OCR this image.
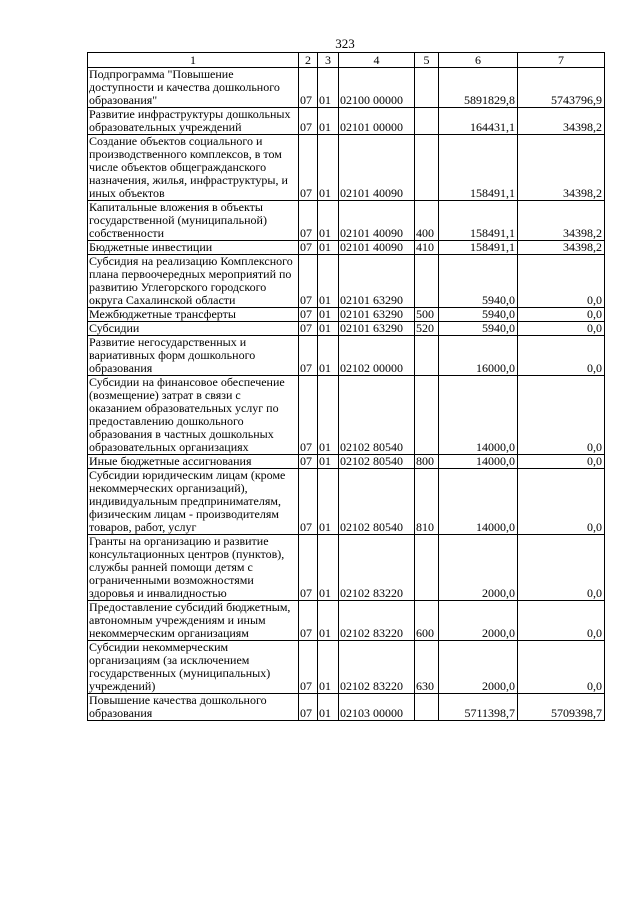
323
1	2	3	4	5	6	7
Подпрограмма "Повышение доступности и качества дошкольного образования"	07	01	02100 00000		5891829,8	5743796,9
Развитие инфраструктуры дошкольных образовательных учреждений	07	01	02101 00000		164431,1	34398,2
Создание объектов социального и производственного комплексов, в том числе объектов общегражданского назначения, жилья, инфраструктуры, и иных объектов	07	01	02101 40090		158491,1	34398,2
Капитальные вложения в объекты государственной (муниципальной) собственности	07	01	02101 40090	400	158491,1	34398,2
Бюджетные инвестиции	07	01	02101 40090	410	158491,1	34398,2
Субсидия на реализацию Комплексного плана первоочередных мероприятий по развитию Углегорского городского округа Сахалинской области	07	01	02101 63290		5940,0	0,0
Межбюджетные трансферты	07	01	02101 63290	500	5940,0	0,0
Субсидии	07	01	02101 63290	520	5940,0	0,0
Развитие негосударственных и вариативных форм дошкольного образования	07	01	02102 00000		16000,0	0,0
Субсидии на финансовое обеспечение (возмещение) затрат в связи с оказанием образовательных услуг по предоставлению дошкольного образования в частных дошкольных образовательных организациях	07	01	02102 80540		14000,0	0,0
Иные бюджетные ассигнования	07	01	02102 80540	800	14000,0	0,0
Субсидии юридическим лицам (кроме некоммерческих организаций), индивидуальным предпринимателям, физическим лицам - производителям товаров, работ, услуг	07	01	02102 80540	810	14000,0	0,0
Гранты на организацию и развитие консультационных центров (пунктов), службы ранней помощи детям с ограниченными возможностями здоровья и инвалидностью	07	01	02102 83220		2000,0	0,0
Предоставление субсидий бюджетным, автономным учреждениям и иным некоммерческим организациям	07	01	02102 83220	600	2000,0	0,0
Субсидии некоммерческим организациям (за исключением государственных (муниципальных) учреждений)	07	01	02102 83220	630	2000,0	0,0
Повышение качества дошкольного образования	07	01	02103 00000		5711398,7	5709398,7
